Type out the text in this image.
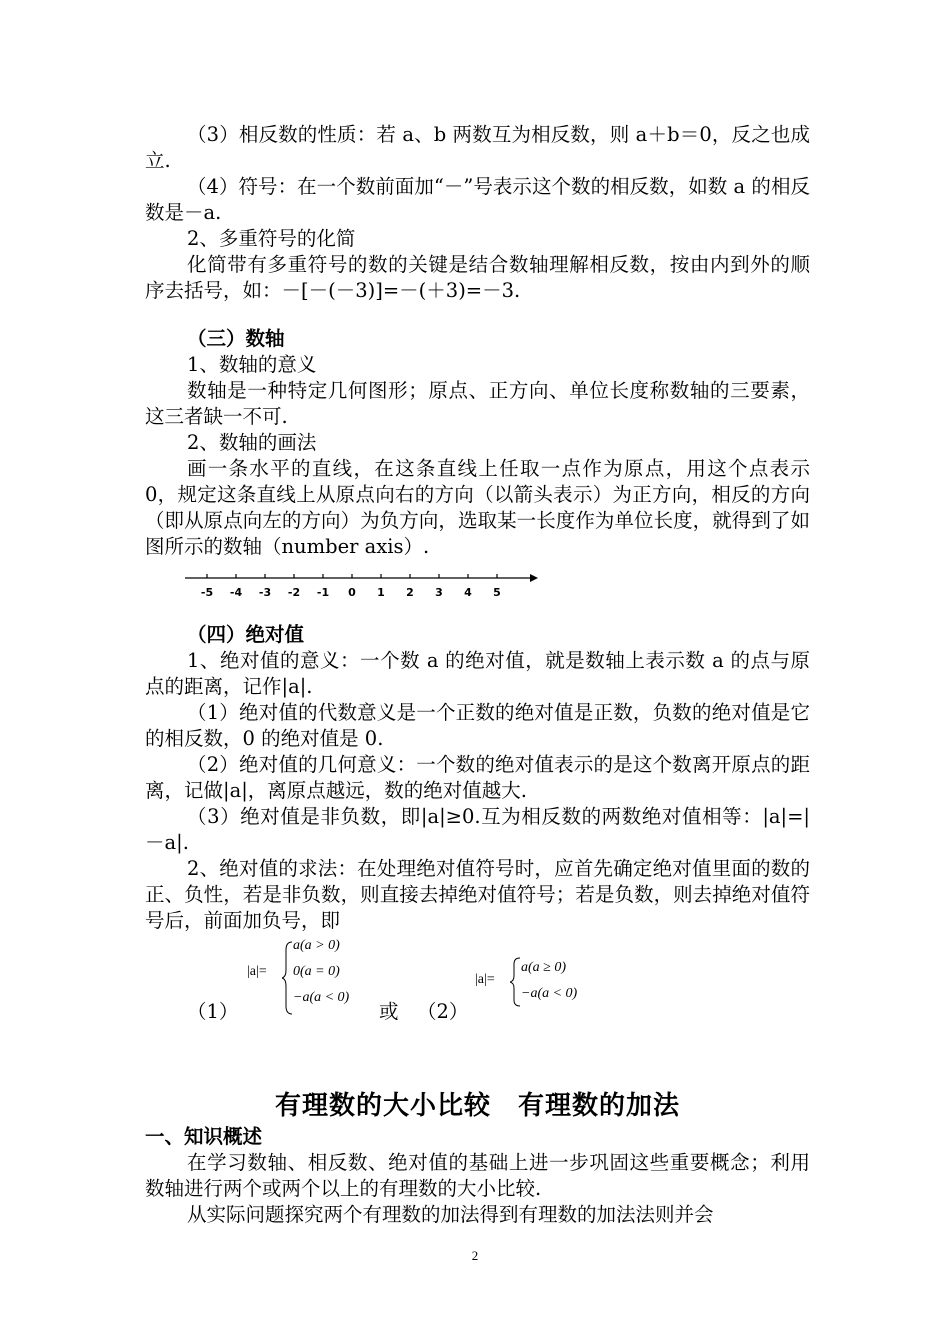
（3）相反数的性质：若 a、b 两数互为相反数，则 a＋b＝0，反之也成立.

（4）符号：在一个数前面加“－”号表示这个数的相反数，如数 a 的相反数是－a.

2、多重符号的化简

化简带有多重符号的数的关键是结合数轴理解相反数，按由内到外的顺序去括号，如：－[－(－3)]=－(＋3)=－3.

（三）数轴

1、数轴的意义

数轴是一种特定几何图形；原点、正方向、单位长度称数轴的三要素，这三者缺一不可.

2、数轴的画法

画一条水平的直线，在这条直线上任取一点作为原点，用这个点表示 0，规定这条直线上从原点向右的方向（以箭头表示）为正方向，相反的方向（即从原点向左的方向）为负方向，选取某一长度作为单位长度，就得到了如图所示的数轴（number axis）.

-5 -4 -3 -2 -1 0 1 2 3 4 5

（四）绝对值

1、绝对值的意义：一个数 a 的绝对值，就是数轴上表示数 a 的点与原点的距离，记作|a|.

（1）绝对值的代数意义是一个正数的绝对值是正数，负数的绝对值是它的相反数，0 的绝对值是 0.

（2）绝对值的几何意义：一个数的绝对值表示的是这个数离开原点的距离，记做|a|，离原点越远，数的绝对值越大.

（3）绝对值是非负数，即|a|≥0.互为相反数的两数绝对值相等：|a|=|－a|.

2、绝对值的求法：在处理绝对值符号时，应首先确定绝对值里面的数的正、负性，若是非负数，则直接去掉绝对值符号；若是负数，则去掉绝对值符号后，前面加负号，即

（1）
|a|=
a(a > 0)
0(a = 0)
−a(a < 0)
或 （2）
|a|=
a(a ≥ 0)
−a(a < 0)

有理数的大小比较　有理数的加法

一、知识概述

在学习数轴、相反数、绝对值的基础上进一步巩固这些重要概念；利用数轴进行两个或两个以上的有理数的大小比较.

从实际问题探究两个有理数的加法得到有理数的加法法则并会

2
